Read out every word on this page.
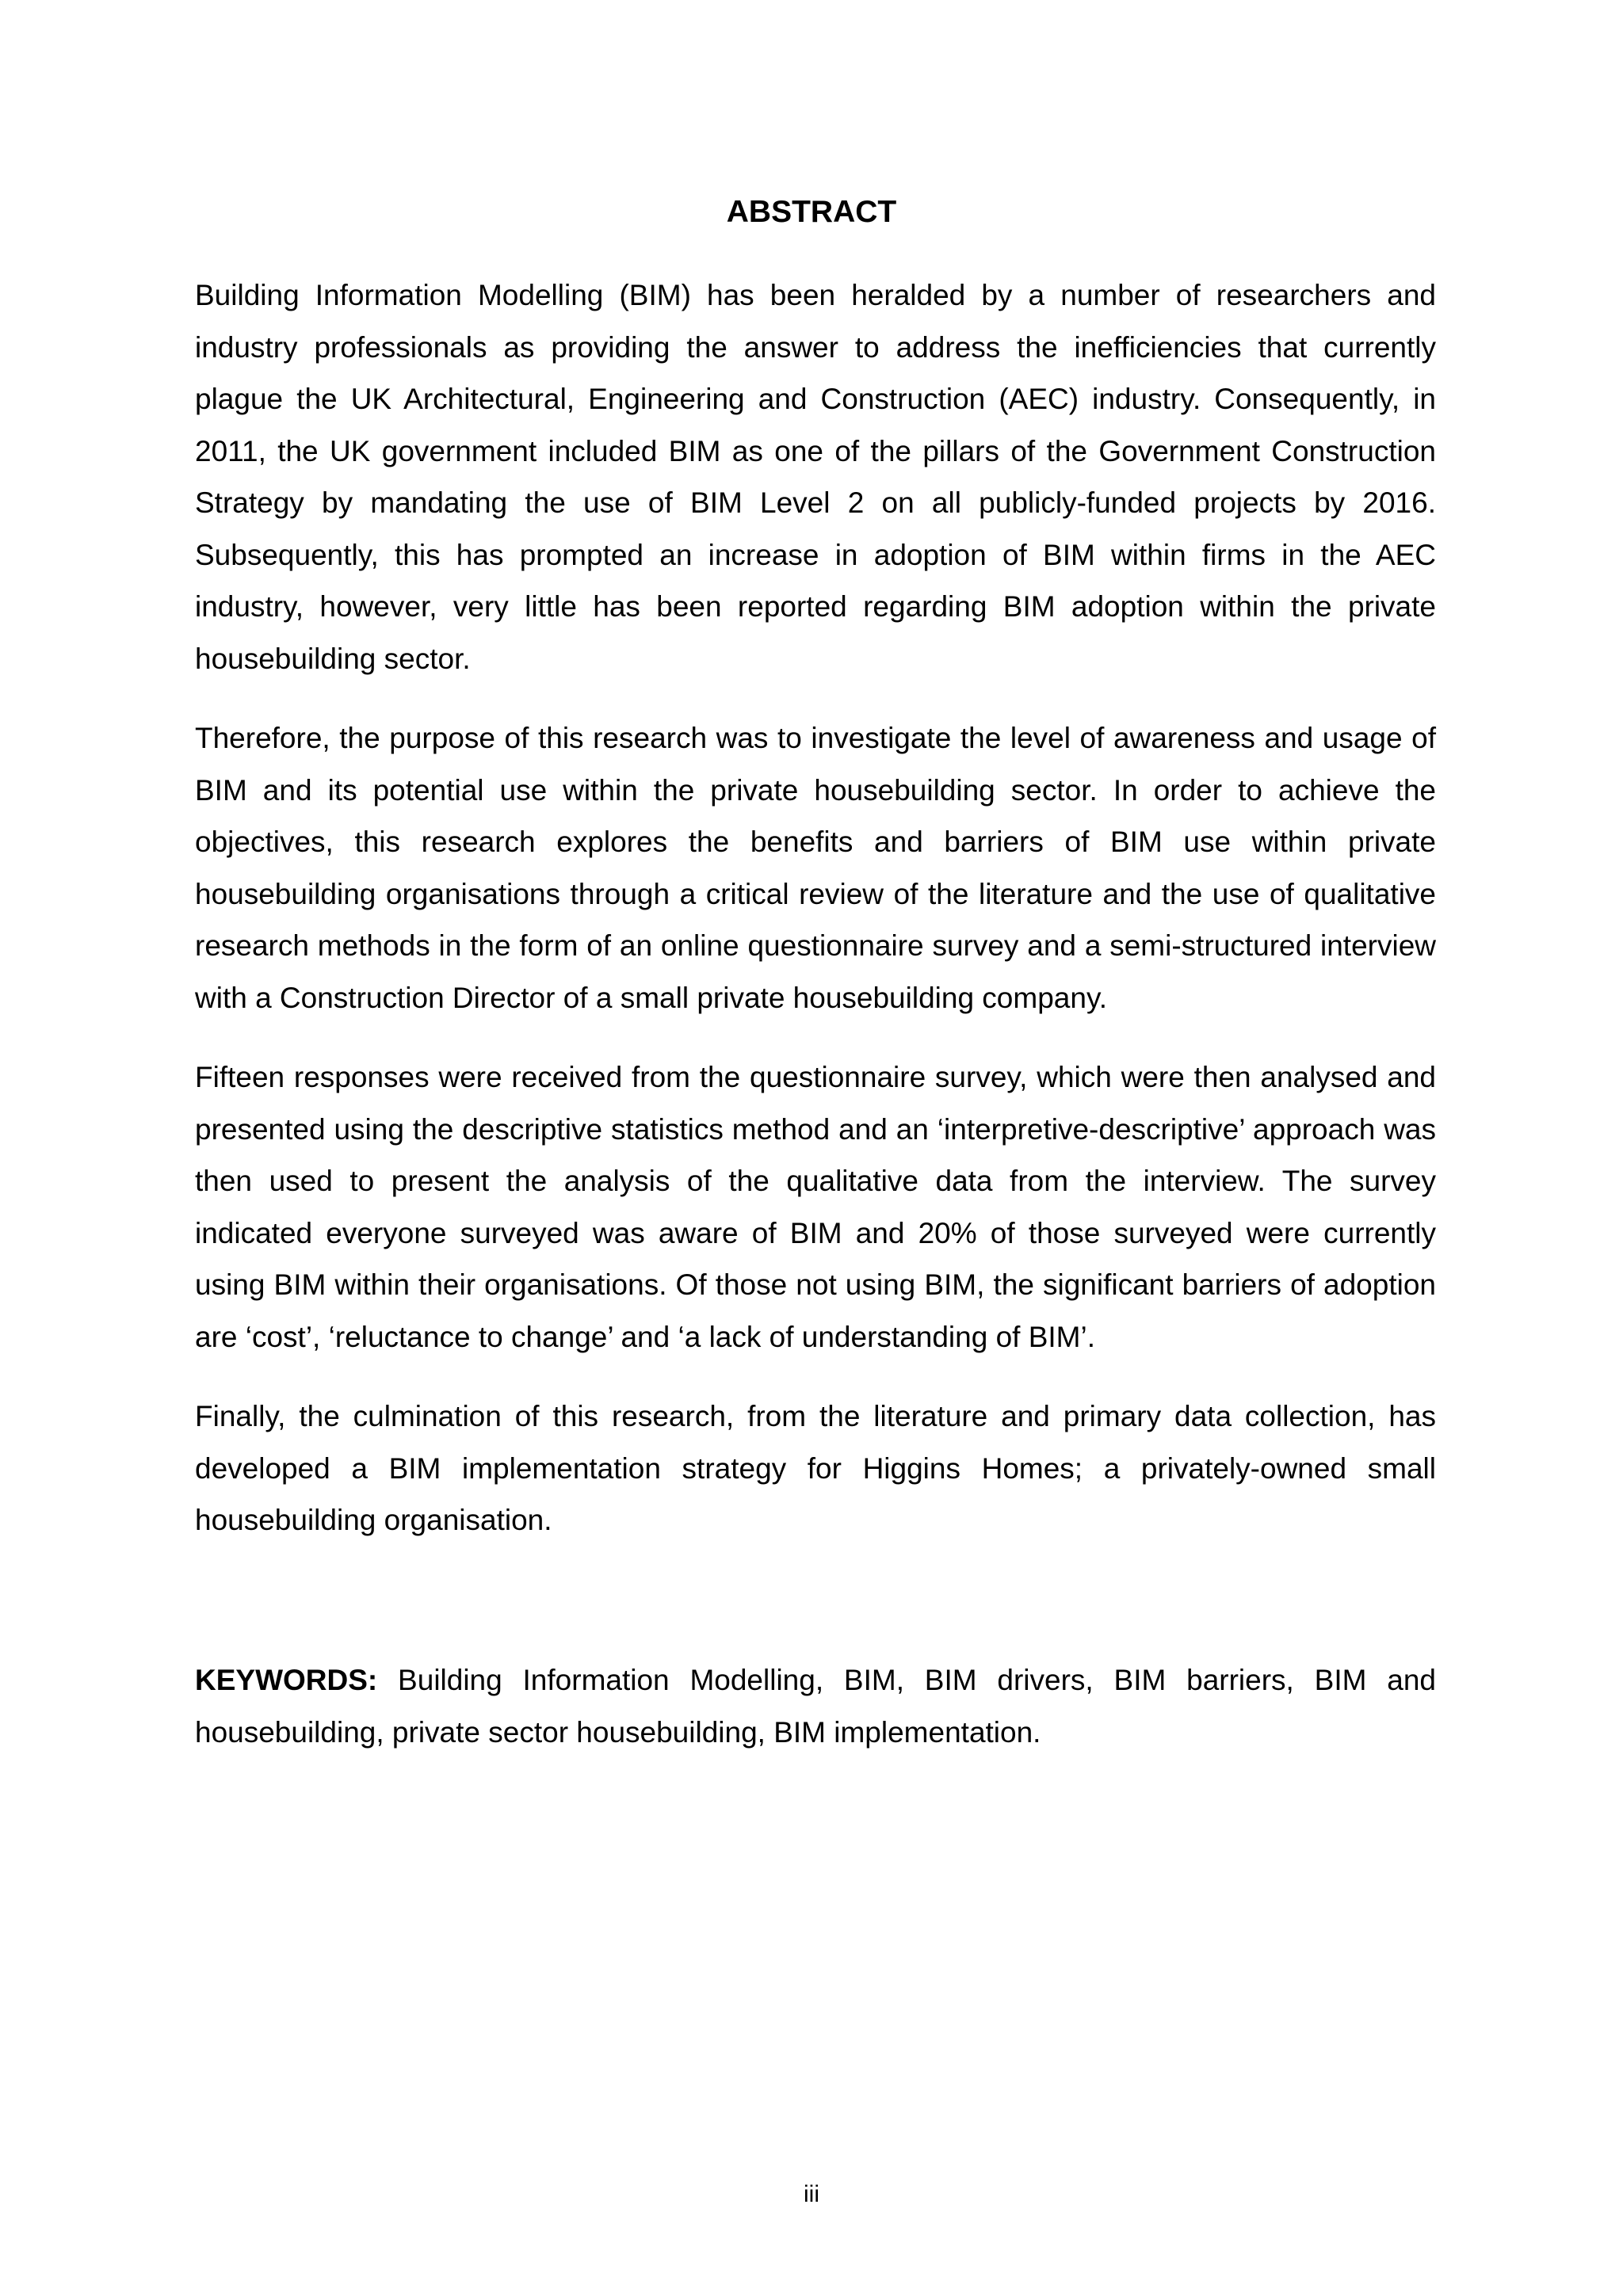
ABSTRACT

Building Information Modelling (BIM) has been heralded by a number of researchers and industry professionals as providing the answer to address the inefficiencies that currently plague the UK Architectural, Engineering and Construction (AEC) industry. Consequently, in 2011, the UK government included BIM as one of the pillars of the Government Construction Strategy by mandating the use of BIM Level 2 on all publicly-funded projects by 2016. Subsequently, this has prompted an increase in adoption of BIM within firms in the AEC industry, however, very little has been reported regarding BIM adoption within the private housebuilding sector.

Therefore, the purpose of this research was to investigate the level of awareness and usage of BIM and its potential use within the private housebuilding sector. In order to achieve the objectives, this research explores the benefits and barriers of BIM use within private housebuilding organisations through a critical review of the literature and the use of qualitative research methods in the form of an online questionnaire survey and a semi-structured interview with a Construction Director of a small private housebuilding company.

Fifteen responses were received from the questionnaire survey, which were then analysed and presented using the descriptive statistics method and an ‘interpretive-descriptive’ approach was then used to present the analysis of the qualitative data from the interview. The survey indicated everyone surveyed was aware of BIM and 20% of those surveyed were currently using BIM within their organisations. Of those not using BIM, the significant barriers of adoption are ‘cost’, ‘reluctance to change’ and ‘a lack of understanding of BIM’.

Finally, the culmination of this research, from the literature and primary data collection, has developed a BIM implementation strategy for Higgins Homes; a privately-owned small housebuilding organisation.

KEYWORDS: Building Information Modelling, BIM, BIM drivers, BIM barriers, BIM and housebuilding, private sector housebuilding, BIM implementation.

iii
